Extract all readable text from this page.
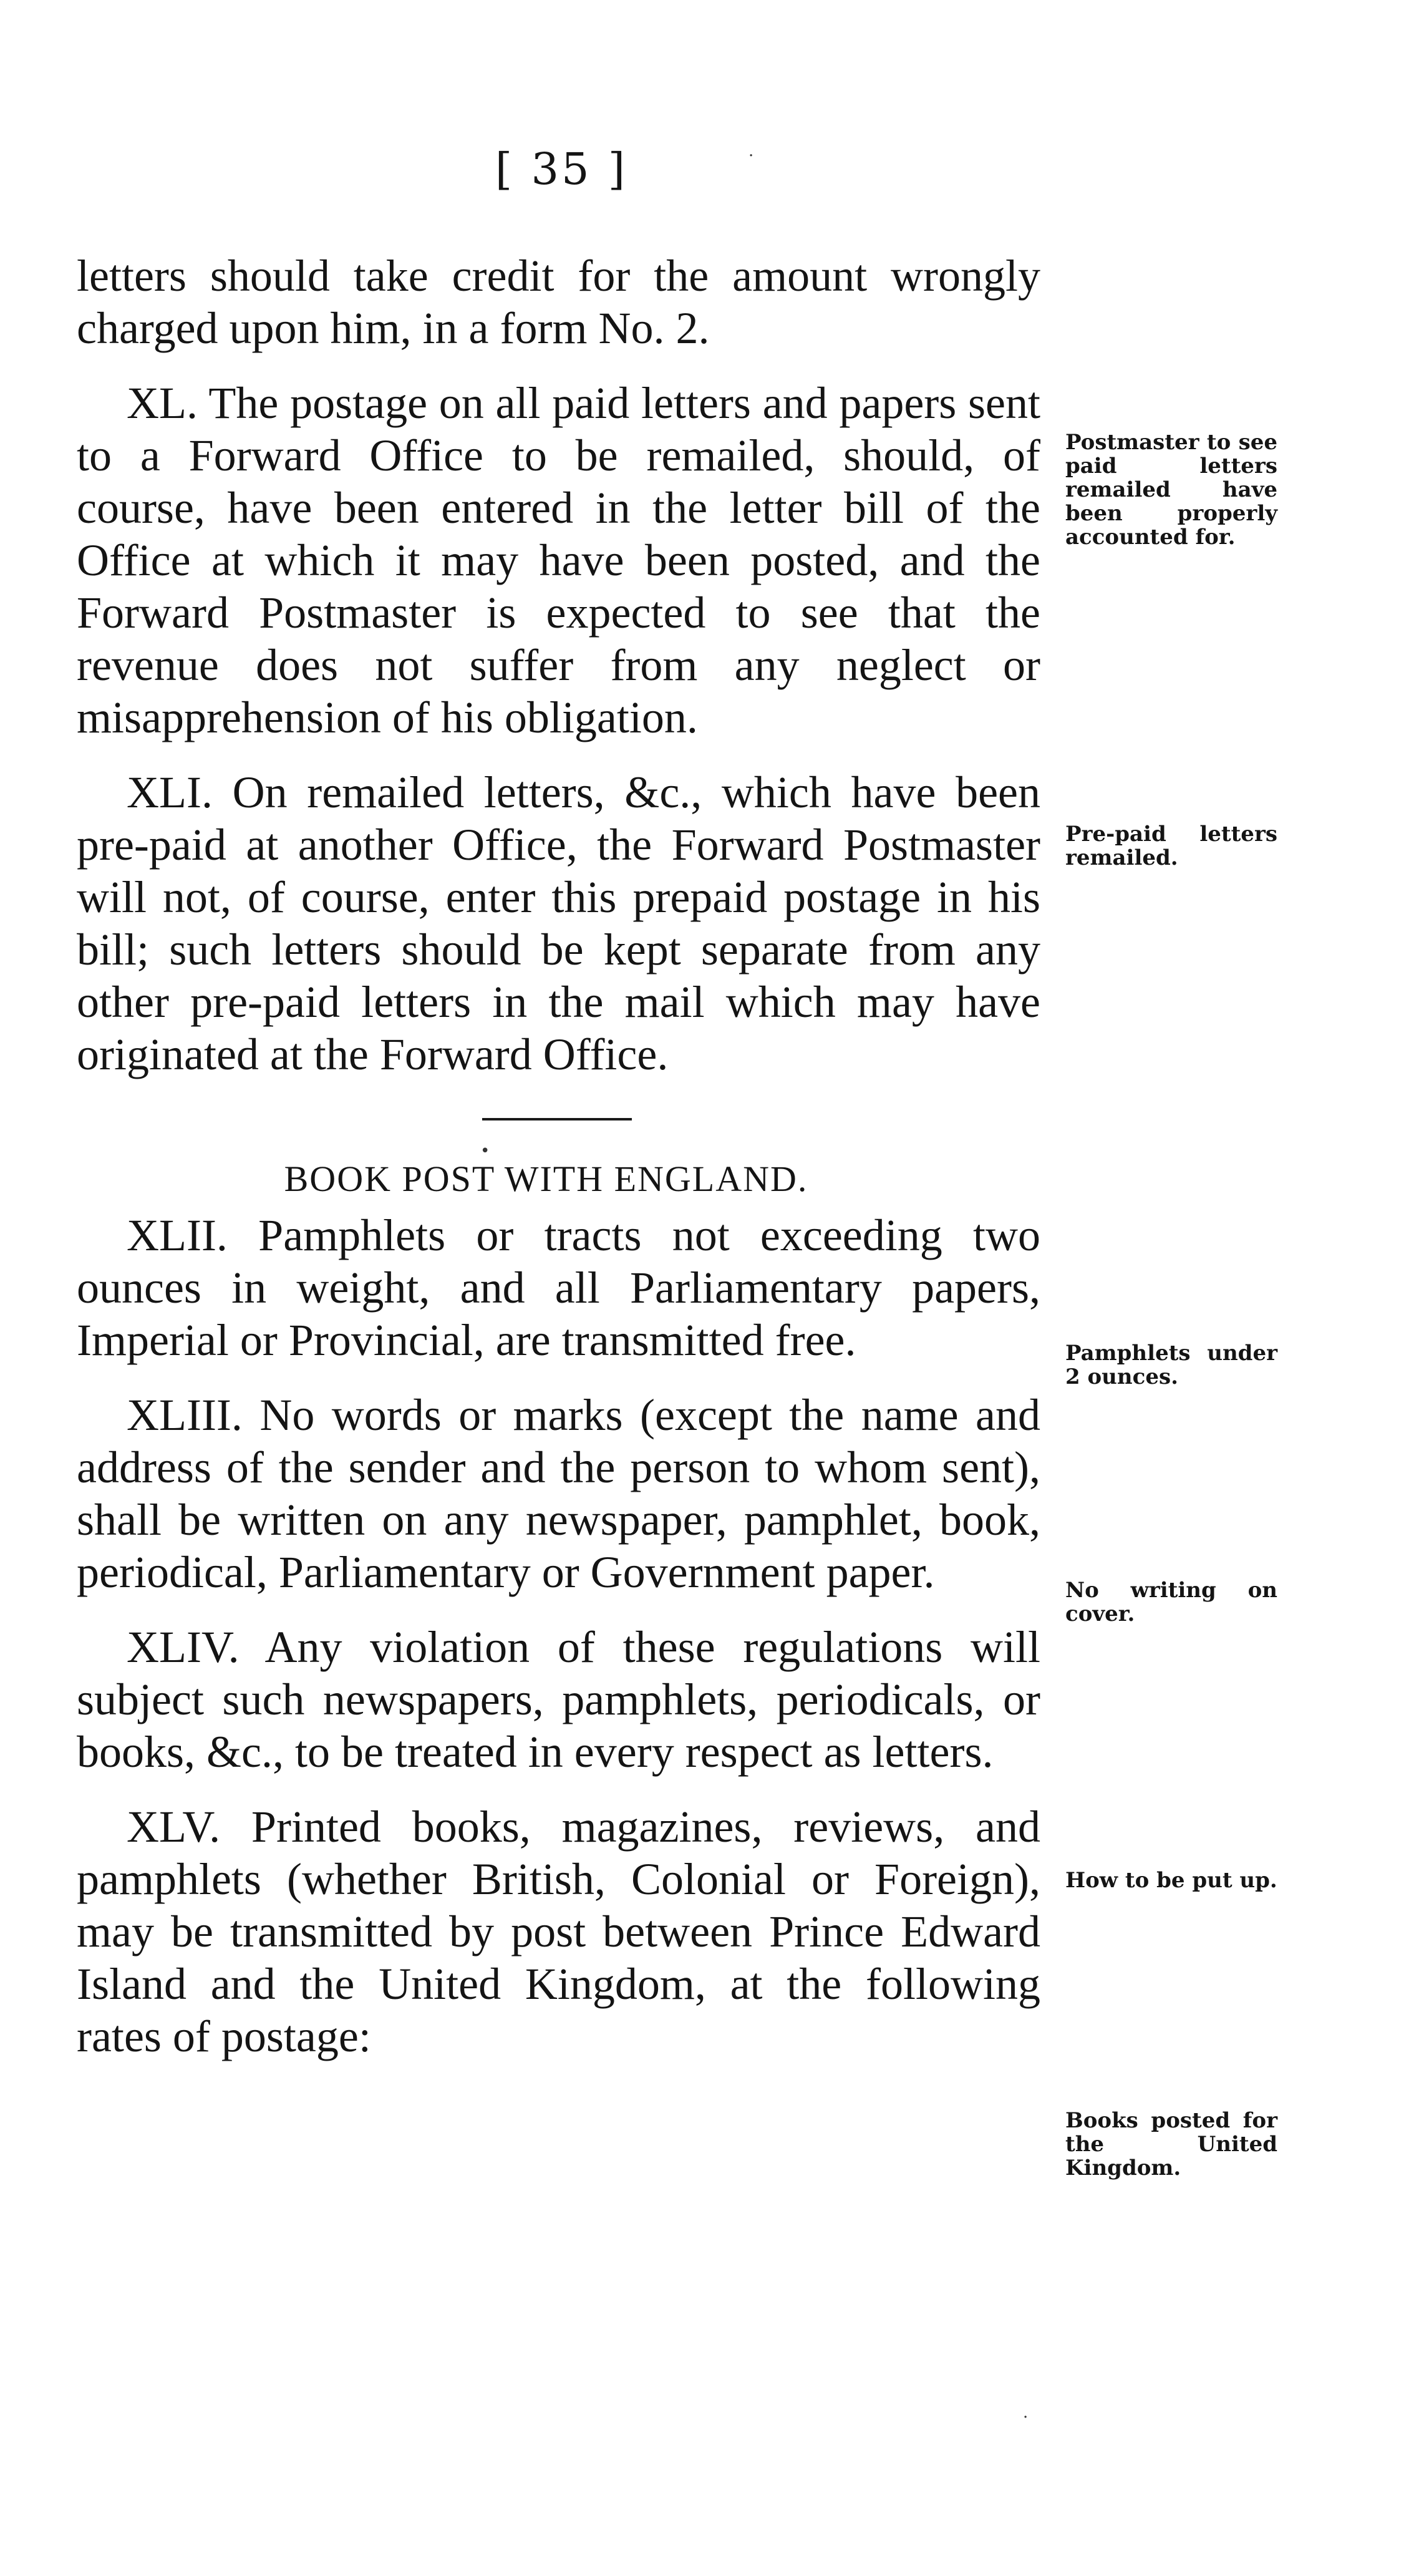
[ 35 ]

letters should take credit for the amount wrongly charged upon him, in a form No. 2.

XL. The postage on all paid letters and papers sent to a Forward Office to be remailed, should, of course, have been entered in the letter bill of the Office at which it may have been posted, and the Forward Postmaster is expected to see that the revenue does not suffer from any neglect or misapprehension of his obligation.

XLI. On remailed letters, &c., which have been pre-paid at another Office, the Forward Postmaster will not, of course, enter this prepaid postage in his bill; such letters should be kept separate from any other pre-paid letters in the mail which may have originated at the Forward Office.

BOOK POST WITH ENGLAND.

XLII. Pamphlets or tracts not exceeding two ounces in weight, and all Parliamentary papers, Imperial or Provincial, are transmitted free.

XLIII. No words or marks (except the name and address of the sender and the person to whom sent), shall be written on any newspaper, pamphlet, book, periodical, Parliamentary or Government paper.

XLIV. Any violation of these regulations will subject such newspapers, pamphlets, periodicals, or books, &c., to be treated in every respect as letters.

XLV. Printed books, magazines, reviews, and pamphlets (whether British, Colonial or Foreign), may be transmitted by post between Prince Edward Island and the United Kingdom, at the following rates of postage:

Postmaster to see paid letters remailed have been properly accounted for.
Pre-paid letters remailed.
Pamphlets under 2 ounces.
No writing on cover.
How to be put up.
Books posted for the United Kingdom.
·
•
·
